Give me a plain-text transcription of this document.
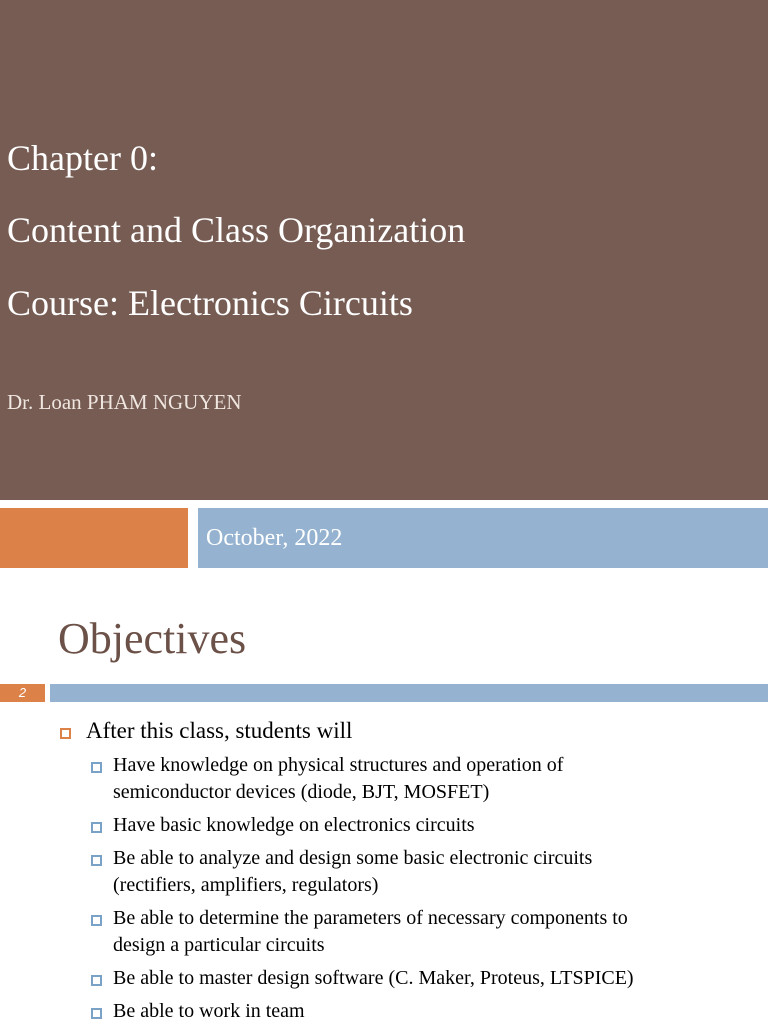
Chapter 0:
Content and Class Organization
Course: Electronics Circuits
Dr. Loan PHAM NGUYEN
October, 2022
Objectives
2
After this class, students will
Have knowledge on physical structures and operation of
semiconductor devices (diode, BJT, MOSFET)
Have basic knowledge on electronics circuits
Be able to analyze and design some basic electronic circuits
(rectifiers, amplifiers, regulators)
Be able to determine the parameters of necessary components to
design a particular circuits
Be able to master design software (C. Maker, Proteus, LTSPICE)
Be able to work in team
